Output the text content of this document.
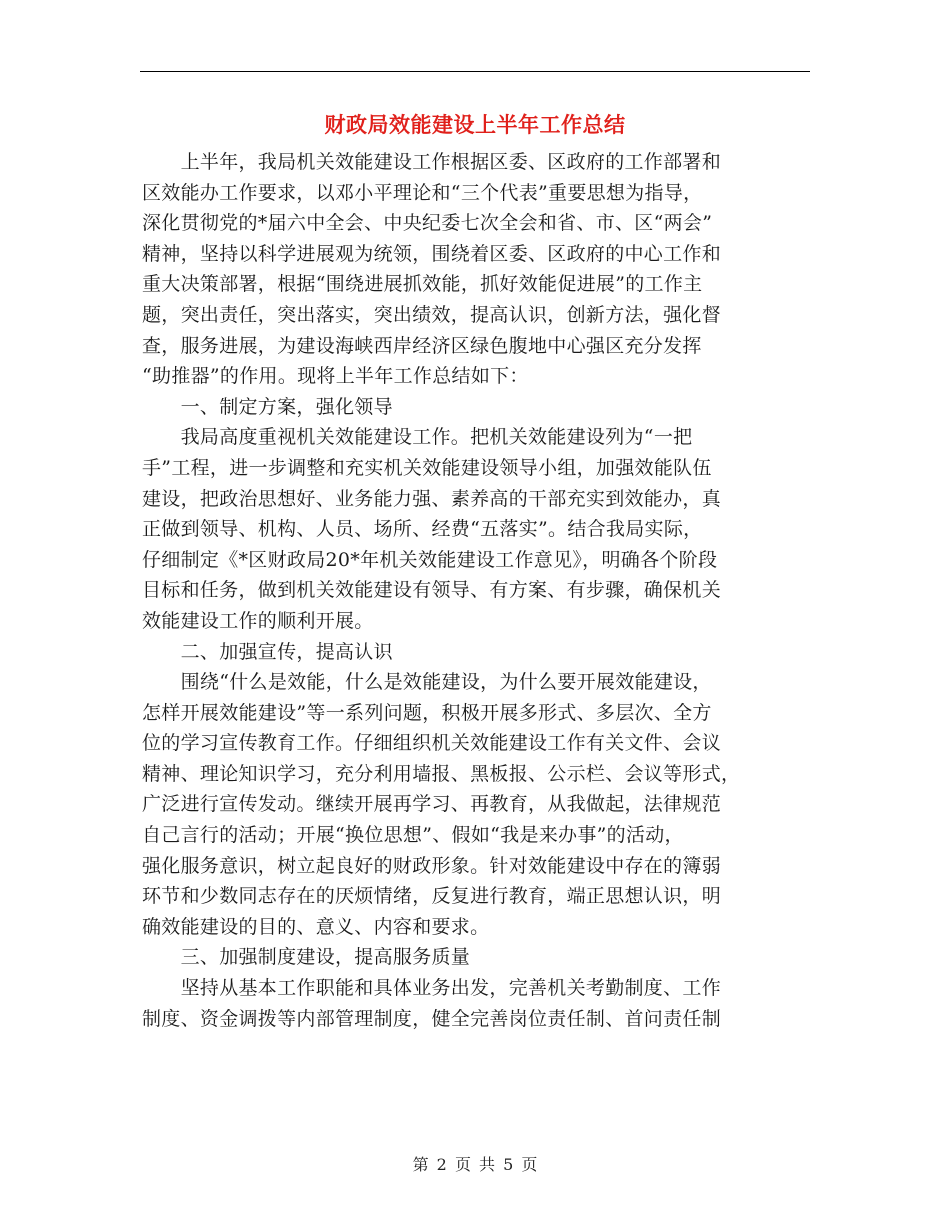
财政局效能建设上半年工作总结
　　上半年，我局机关效能建设工作根据区委、区政府的工作部署和
区效能办工作要求，以邓小平理论和“三个代表”重要思想为指导，
深化贯彻党的*届六中全会、中央纪委七次全会和省、市、区“两会”
精神，坚持以科学进展观为统领，围绕着区委、区政府的中心工作和
重大决策部署，根据“围绕进展抓效能，抓好效能促进展”的工作主
题，突出责任，突出落实，突出绩效，提高认识，创新方法，强化督
查，服务进展，为建设海峡西岸经济区绿色腹地中心强区充分发挥
“助推器”的作用。现将上半年工作总结如下：
　　一、制定方案，强化领导
　　我局高度重视机关效能建设工作。把机关效能建设列为“一把
手”工程，进一步调整和充实机关效能建设领导小组，加强效能队伍
建设，把政治思想好、业务能力强、素养高的干部充实到效能办，真
正做到领导、机构、人员、场所、经费“五落实”。结合我局实际，
仔细制定《*区财政局20*年机关效能建设工作意见》，明确各个阶段
目标和任务，做到机关效能建设有领导、有方案、有步骤，确保机关
效能建设工作的顺利开展。
　　二、加强宣传，提高认识
　　围绕“什么是效能，什么是效能建设，为什么要开展效能建设，
怎样开展效能建设”等一系列问题，积极开展多形式、多层次、全方
位的学习宣传教育工作。仔细组织机关效能建设工作有关文件、会议
精神、理论知识学习，充分利用墙报、黑板报、公示栏、会议等形式，
广泛进行宣传发动。继续开展再学习、再教育，从我做起，法律规范
自己言行的活动；开展“换位思想”、假如“我是来办事”的活动，
强化服务意识，树立起良好的财政形象。针对效能建设中存在的簿弱
环节和少数同志存在的厌烦情绪，反复进行教育，端正思想认识，明
确效能建设的目的、意义、内容和要求。
　　三、加强制度建设，提高服务质量
　　坚持从基本工作职能和具体业务出发，完善机关考勤制度、工作
制度、资金调拨等内部管理制度，健全完善岗位责任制、首问责任制
第 2 页 共 5 页
